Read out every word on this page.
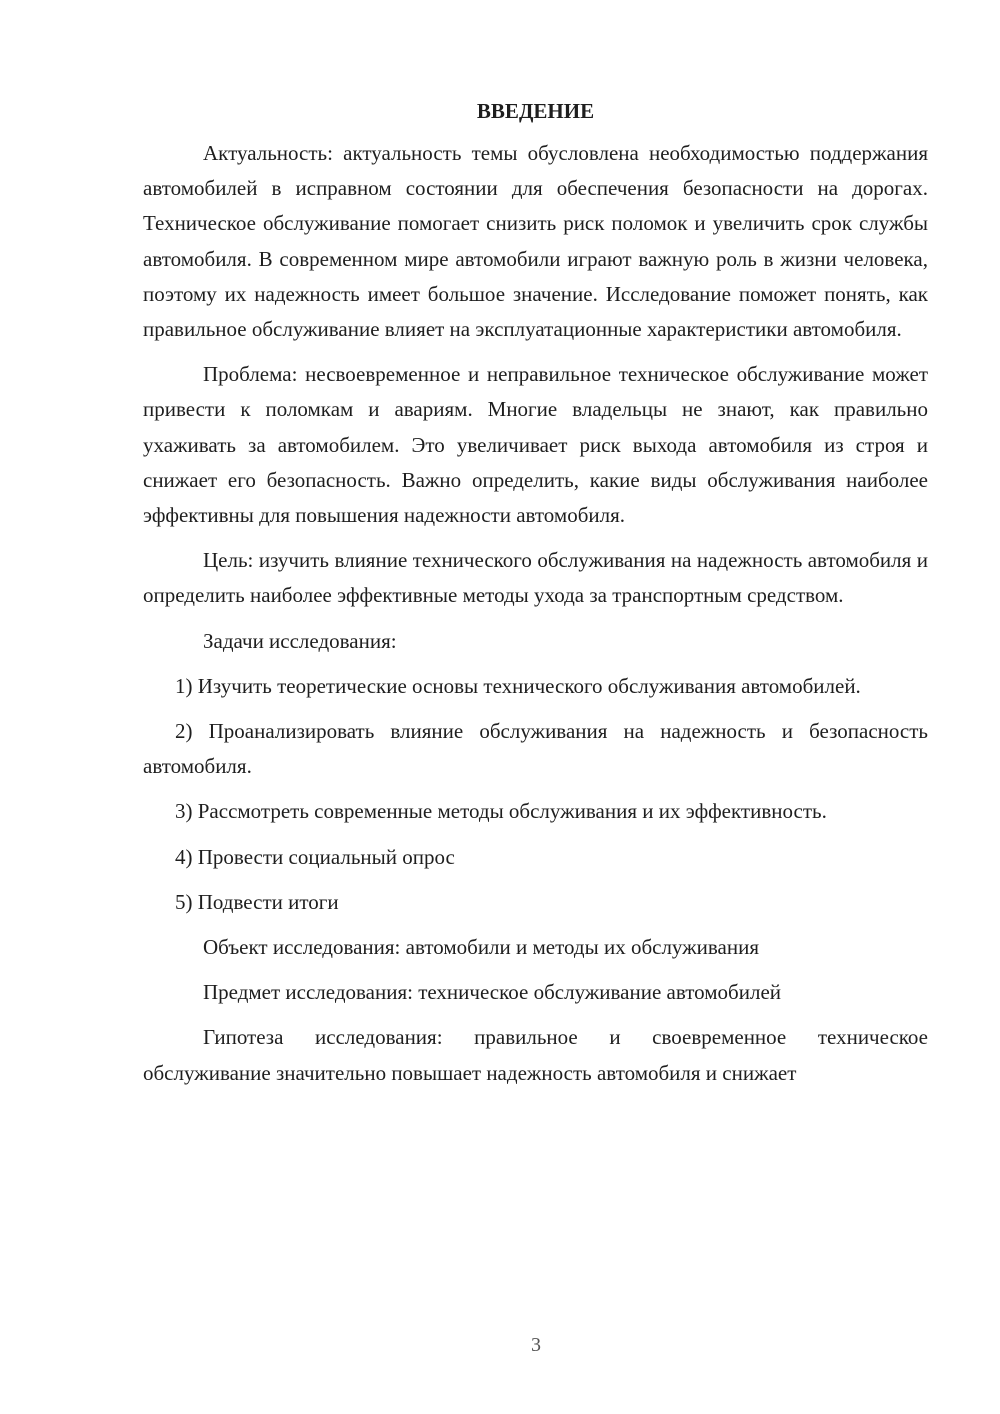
ВВЕДЕНИЕ
Актуальность: актуальность темы обусловлена необходимостью поддержания автомобилей в исправном состоянии для обеспечения безопасности на дорогах. Техническое обслуживание помогает снизить риск поломок и увеличить срок службы автомобиля. В современном мире автомобили играют важную роль в жизни человека, поэтому их надежность имеет большое значение. Исследование поможет понять, как правильное обслуживание влияет на эксплуатационные характеристики автомобиля.
Проблема: несвоевременное и неправильное техническое обслуживание может привести к поломкам и авариям. Многие владельцы не знают, как правильно ухаживать за автомобилем. Это увеличивает риск выхода автомобиля из строя и снижает его безопасность. Важно определить, какие виды обслуживания наиболее эффективны для повышения надежности автомобиля.
Цель: изучить влияние технического обслуживания на надежность автомобиля и определить наиболее эффективные методы ухода за транспортным средством.
Задачи исследования:
1) Изучить теоретические основы технического обслуживания автомобилей.
2) Проанализировать влияние обслуживания на надежность и безопасность автомобиля.
3) Рассмотреть современные методы обслуживания и их эффективность.
4) Провести социальный опрос
5) Подвести итоги
Объект исследования: автомобили и методы их обслуживания
Предмет исследования: техническое обслуживание автомобилей
Гипотеза исследования: правильное и своевременное техническое обслуживание значительно повышает надежность автомобиля и снижает
3
